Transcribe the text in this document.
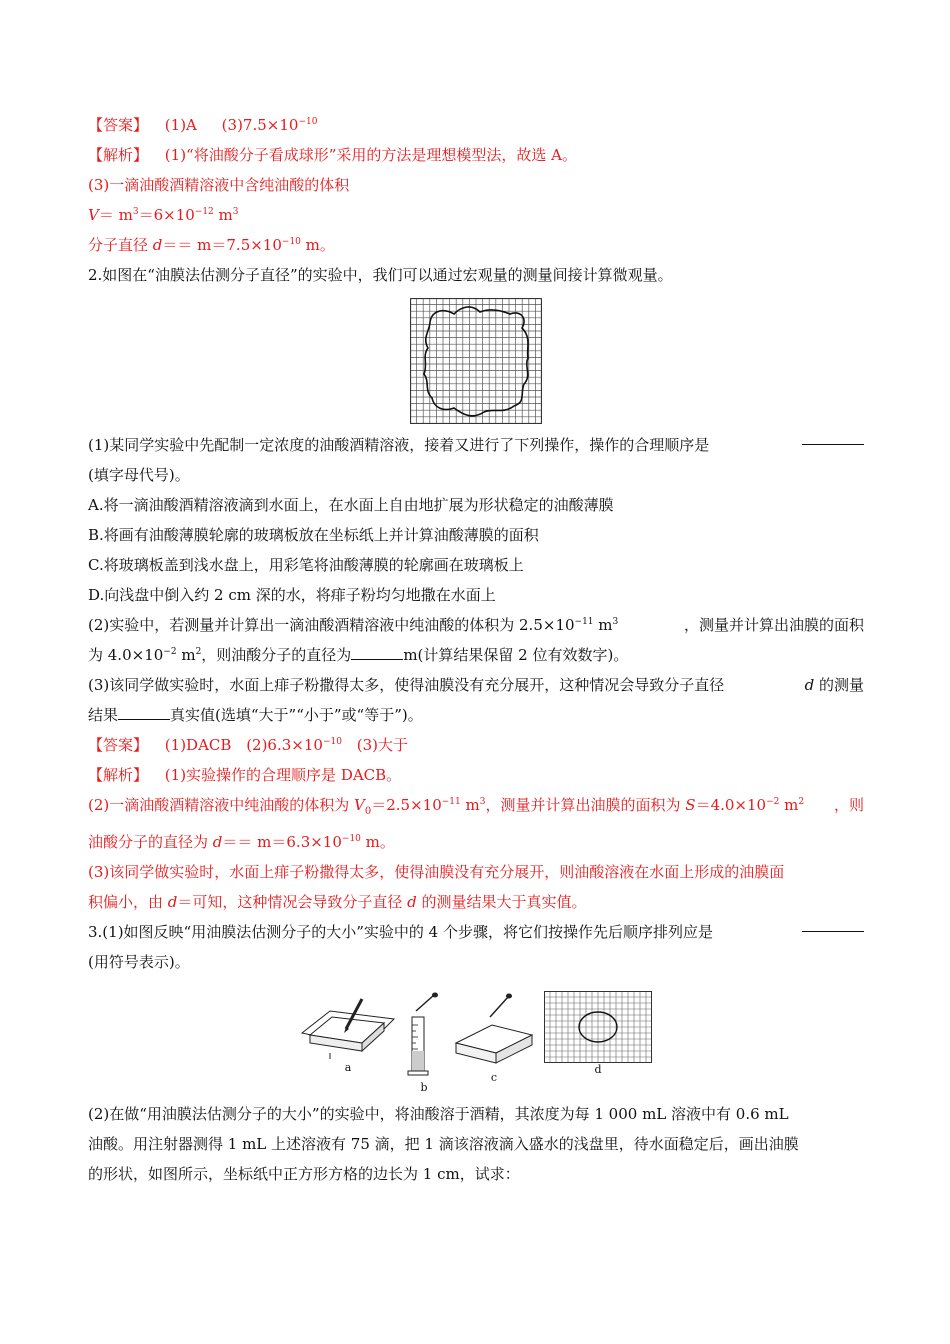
【答案】 (1)A $(3)7.5\times 10^{-10}$
【解析】 (1)“将油酸分子看成球形”采用的方法是理想模型法，故选 A。
(3)一滴油酸酒精溶液中含纯油酸的体积
$V= m^3=6\times 10^{-12}$ $m^3$
分子直径 $d== m=7.5\times 10^{-10}$ m。
2.如图在“油膜法估测分子直径”的实验中，我们可以通过宏观量的测量间接计算微观量。
(1)某同学实验中先配制一定浓度的油酸酒精溶液，接着又进行了下列操作，操作的合理顺序是
(填字母代号)。
A.将一滴油酸酒精溶液滴到水面上，在水面上自由地扩展为形状稳定的油酸薄膜
B.将画有油酸薄膜轮廓的玻璃板放在坐标纸上并计算油酸薄膜的面积
C.将玻璃板盖到浅水盘上，用彩笔将油酸薄膜的轮廓画在玻璃板上
D.向浅盘中倒入约 2 cm 深的水，将痱子粉均匀地撒在水面上
(2)实验中，若测量并计算出一滴油酸酒精溶液中纯油酸的体积为 $2.5\times 10^{-11}$ $m^3$	，测量并计算出油膜的面积
为 $4.0\times 10^{-2}$ $m^2$，则油酸分子的直径为	m(计算结果保留 2 位有效数字)。
(3)该同学做实验时，水面上痱子粉撒得太多，使得油膜没有充分展开，这种情况会导致分子直径	d 的测量
结果	真实值(选填“大于”“小于”或“等于”)。
【答案】 (1)DACB $(2)6.3\times 10^{-10}$ (3)大于
【解析】 (1)实验操作的合理顺序是 DACB。
(2)一滴油酸酒精溶液中纯油酸的体积为 $V_0=2.5\times 10^{-11}$ $m^3$，测量并计算出油膜的面积为 $S=4.0\times 10^{-2}$ $m^2$ ，则
油酸分子的直径为 $d== m=6.3\times 10^{-10}$ m。
(3)该同学做实验时，水面上痱子粉撒得太多，使得油膜没有充分展开，则油酸溶液在水面上形成的油膜面
积偏小，由 d＝可知，这种情况会导致分子直径 d 的测量结果大于真实值。
3.(1)如图反映“用油膜法估测分子的大小”实验中的 4 个步骤，将它们按操作先后顺序排列应是
(用符号表示)。
a
b
c
d
(2)在做“用油膜法估测分子的大小”的实验中，将油酸溶于酒精，其浓度为每 1 000 mL 溶液中有 0.6 mL
油酸。用注射器测得 1 mL 上述溶液有 75 滴，把 1 滴该溶液滴入盛水的浅盘里，待水面稳定后，画出油膜
的形状，如图所示，坐标纸中正方形方格的边长为 1 cm，试求：
